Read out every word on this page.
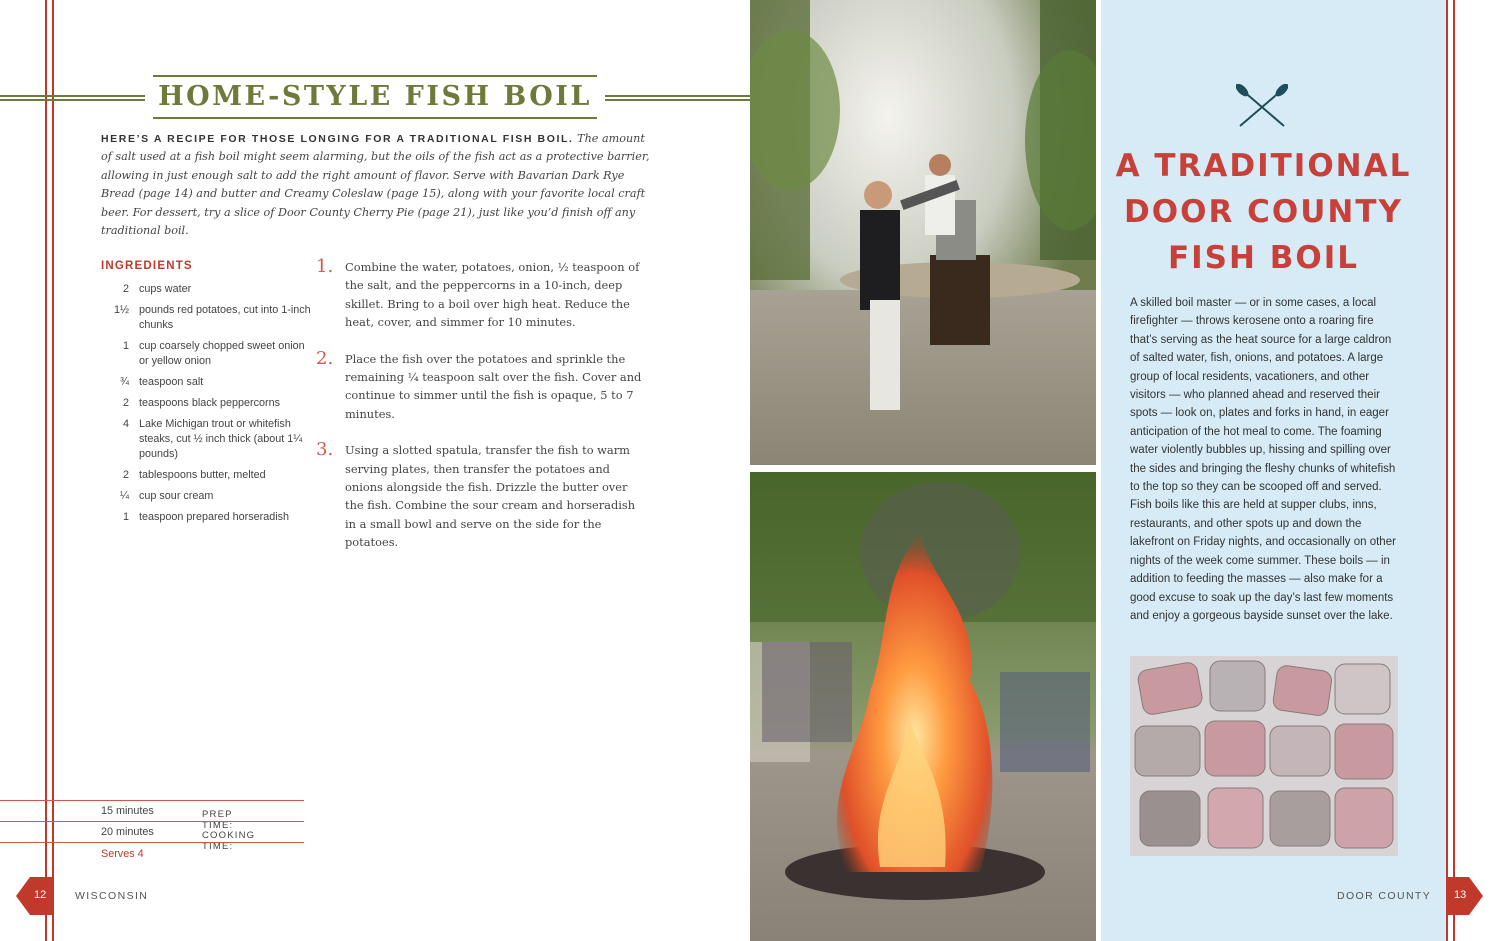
HOME-STYLE FISH BOIL

HERE’S A RECIPE FOR THOSE LONGING FOR A TRADITIONAL FISH BOIL. The amount of salt used at a fish boil might seem alarming, but the oils of the fish act as a protective barrier, allowing in just enough salt to add the right amount of flavor. Serve with Bavarian Dark Rye Bread (page 14) and butter and Creamy Coleslaw (page 15), along with your favorite local craft beer. For dessert, try a slice of Door County Cherry Pie (page 21), just like you’d finish off any traditional boil.

INGREDIENTS
2 cups water
1½ pounds red potatoes, cut into 1-inch chunks
1 cup coarsely chopped sweet onion or yellow onion
¾ teaspoon salt
2 teaspoons black peppercorns
4 Lake Michigan trout or whitefish steaks, cut ½ inch thick (about 1¼ pounds)
2 tablespoons butter, melted
¼ cup sour cream
1 teaspoon prepared horseradish
1.	Combine the water, potatoes, onion, ½ teaspoon of the salt, and the peppercorns in a 10-inch, deep skillet. Bring to a boil over high heat. Reduce the heat, cover, and simmer for 10 minutes.
2.	Place the fish over the potatoes and sprinkle the remaining ¼ teaspoon salt over the fish. Cover and continue to simmer until the fish is opaque, 5 to 7 minutes.
3.	Using a slotted spatula, transfer the fish to warm serving plates, then transfer the potatoes and onions alongside the fish. Drizzle the butter over the fish. Combine the sour cream and horseradish in a small bowl and serve on the side for the potatoes.
PREP TIME:
15 minutes
COOKING TIME:
20 minutes
Serves 4
12	WISCONSIN
A TRADITIONAL
DOOR COUNTY
FISH BOIL

A skilled boil master — or in some cases, a local firefighter — throws kerosene onto a roaring fire that’s serving as the heat source for a large caldron of salted water, fish, onions, and potatoes. A large group of local residents, vacationers, and other visitors — who planned ahead and reserved their spots — look on, plates and forks in hand, in eager anticipation of the hot meal to come. The foaming water violently bubbles up, hissing and spilling over the sides and bringing the fleshy chunks of whitefish to the top so they can be scooped off and served. Fish boils like this are held at supper clubs, inns, restaurants, and other spots up and down the lakefront on Friday nights, and occasionally on other nights of the week come summer. These boils — in addition to feeding the masses — also make for a good excuse to soak up the day’s last few moments and enjoy a gorgeous bayside sunset over the lake.

DOOR COUNTY 13
